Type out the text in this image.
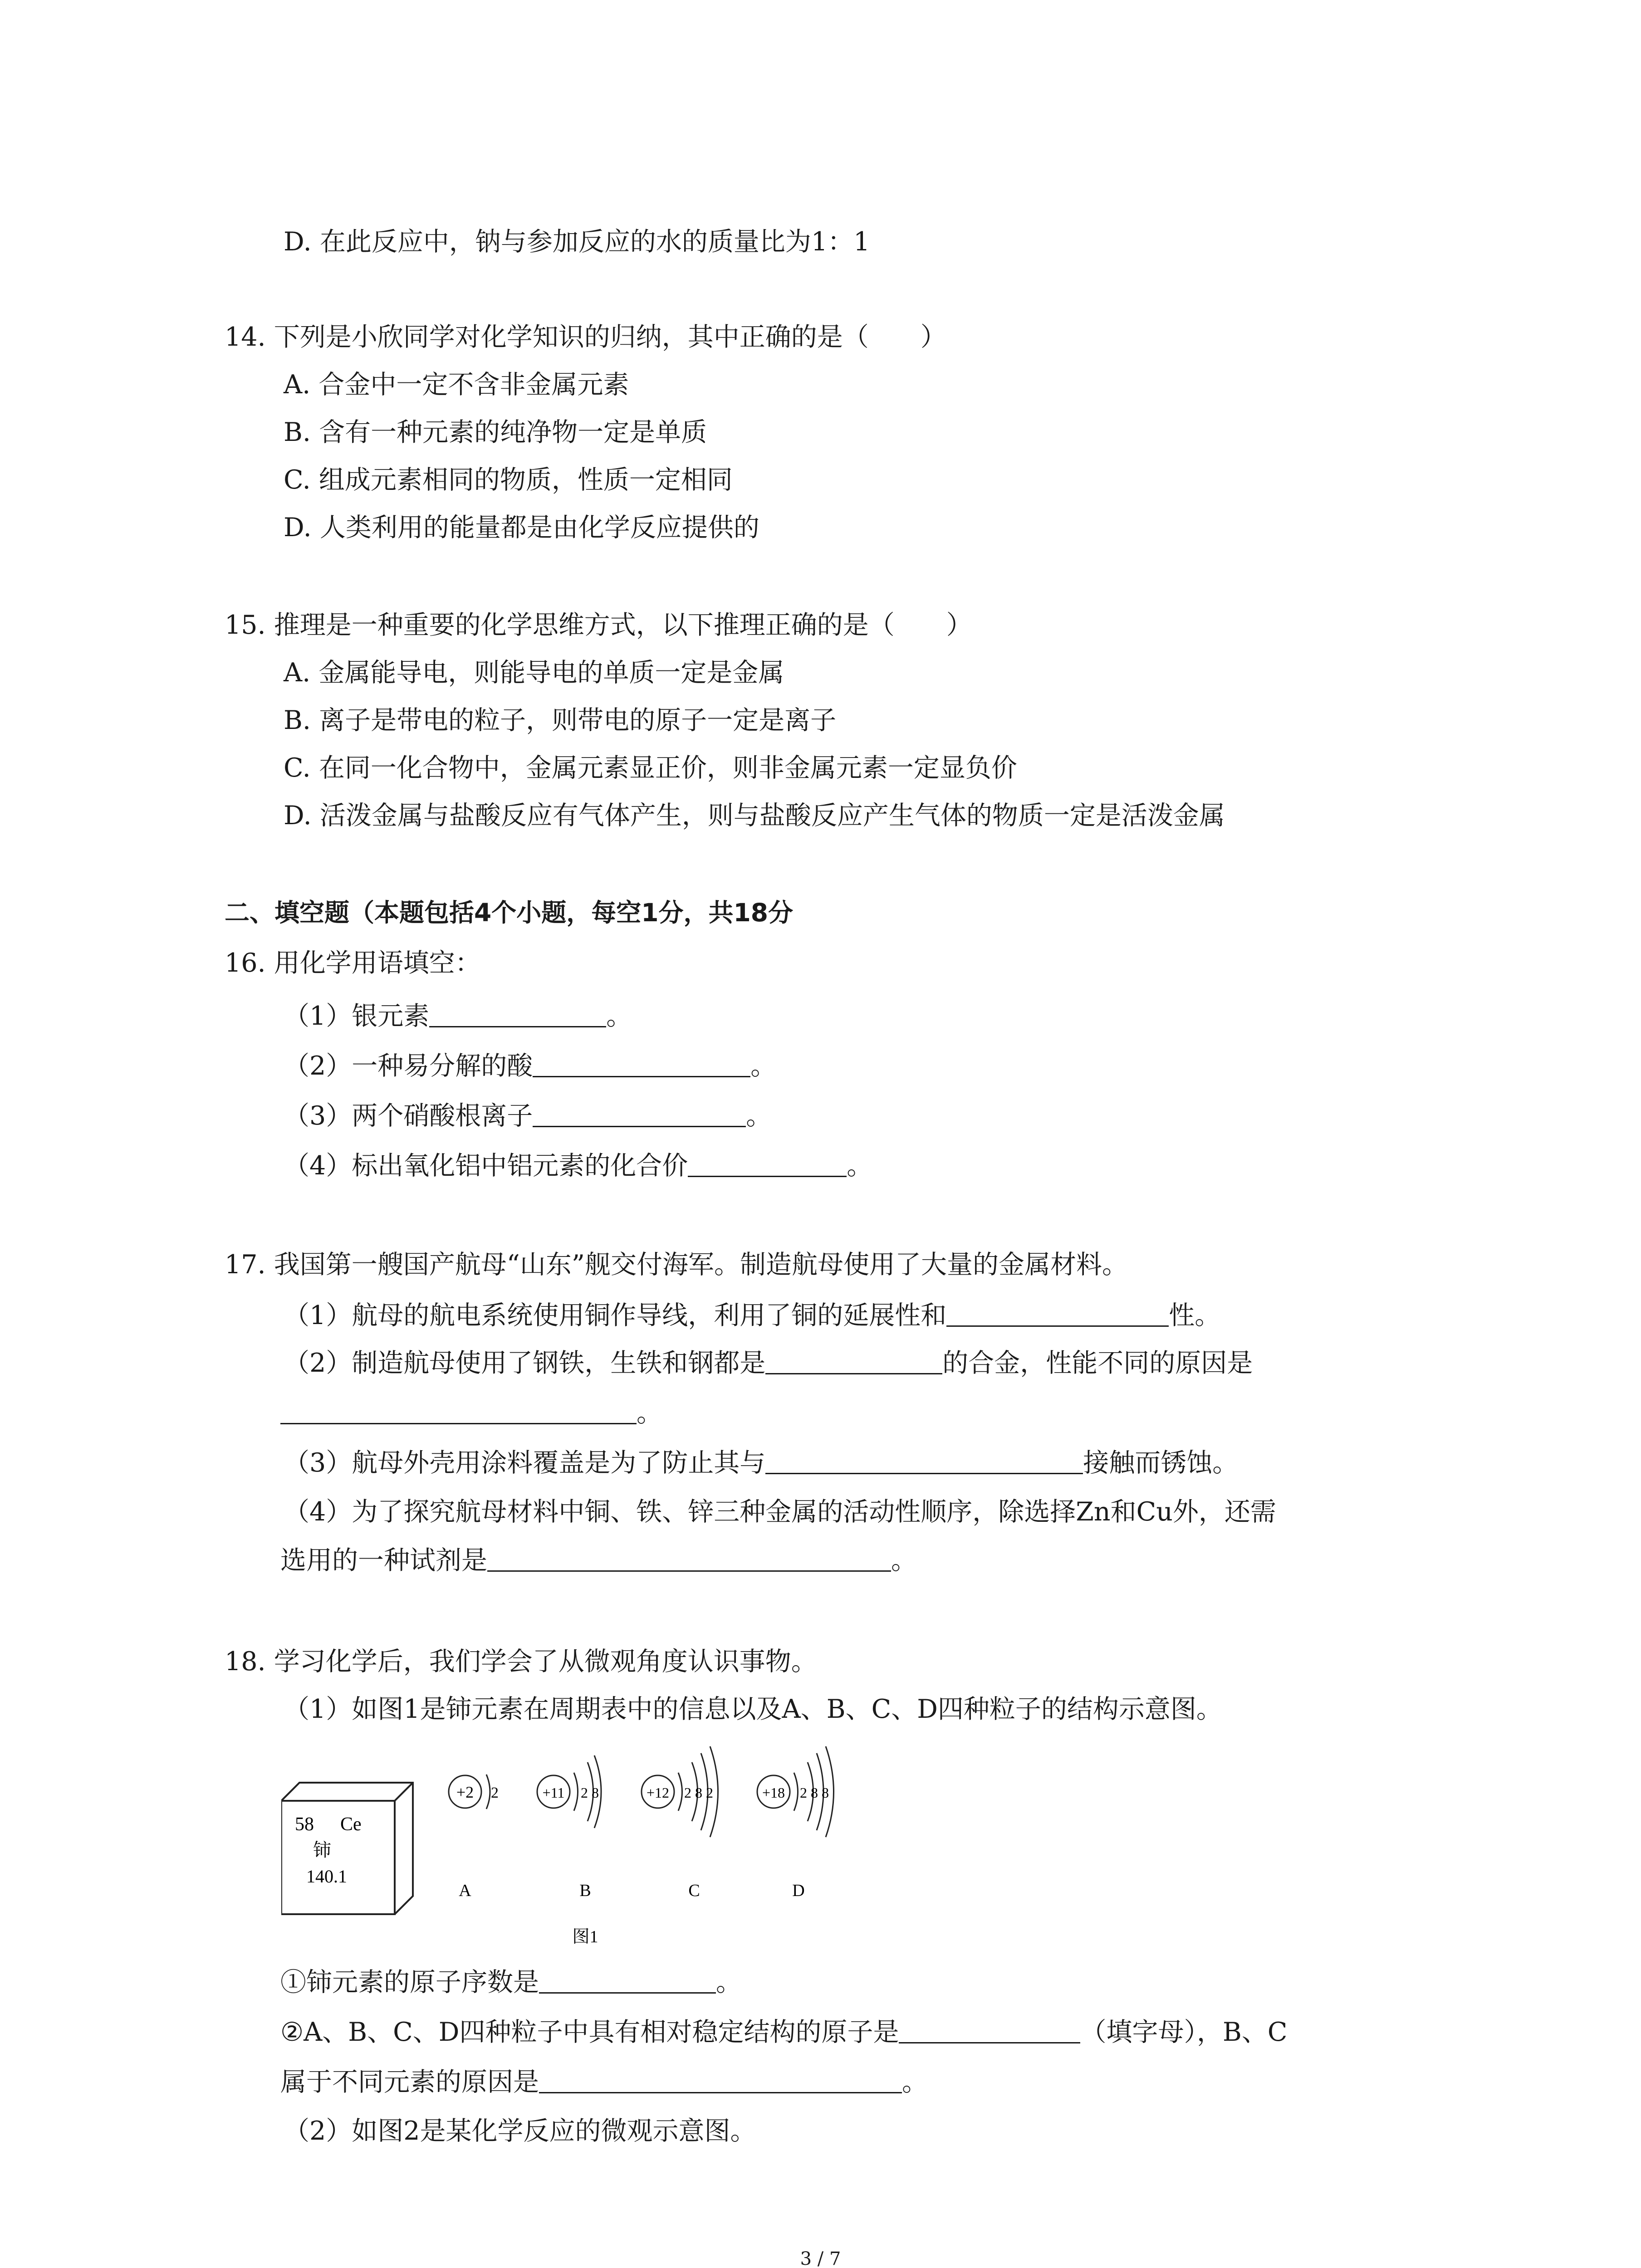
D. 在此反应中，钠与参加反应的水的质量比为1：1
14. 下列是小欣同学对化学知识的归纳，其中正确的是（　　）
A. 合金中一定不含非金属元素
B. 含有一种元素的纯净物一定是单质
C. 组成元素相同的物质，性质一定相同
D. 人类利用的能量都是由化学反应提供的
15. 推理是一种重要的化学思维方式，以下推理正确的是（　　）
A. 金属能导电，则能导电的单质一定是金属
B. 离子是带电的粒子，则带电的原子一定是离子
C. 在同一化合物中，金属元素显正价，则非金属元素一定显负价
D. 活泼金属与盐酸反应有气体产生，则与盐酸反应产生气体的物质一定是活泼金属
二、填空题（本题包括4个小题，每空1分，共18分
16. 用化学用语填空：
（1）银元素	。
（2）一种易分解的酸	。
（3）两个硝酸根离子	。
（4）标出氧化铝中铝元素的化合价	。
17. 我国第一艘国产航母“山东”舰交付海军。制造航母使用了大量的金属材料。
（1）航母的航电系统使用铜作导线，利用了铜的延展性和	性。
（2）制造航母使用了钢铁，生铁和钢都是	的合金，性能不同的原因是
。
（3）航母外壳用涂料覆盖是为了防止其与	接触而锈蚀。
（4）为了探究航母材料中铜、铁、锌三种金属的活动性顺序，除选择Zn和Cu外，还需
选用的一种试剂是	。
18. 学习化学后，我们学会了从微观角度认识事物。
（1）如图1是铈元素在周期表中的信息以及A、B、C、D四种粒子的结构示意图。
58 Ce
铈
140.1
+2 2
A
+11 2 8
B
+12 2 8 2
C
+18 2 8 8
D
图1
①铈元素的原子序数是	。
②A、B、C、D四种粒子中具有相对稳定结构的原子是	（填字母），B、C
属于不同元素的原因是	。
（2）如图2是某化学反应的微观示意图。
3 / 7
